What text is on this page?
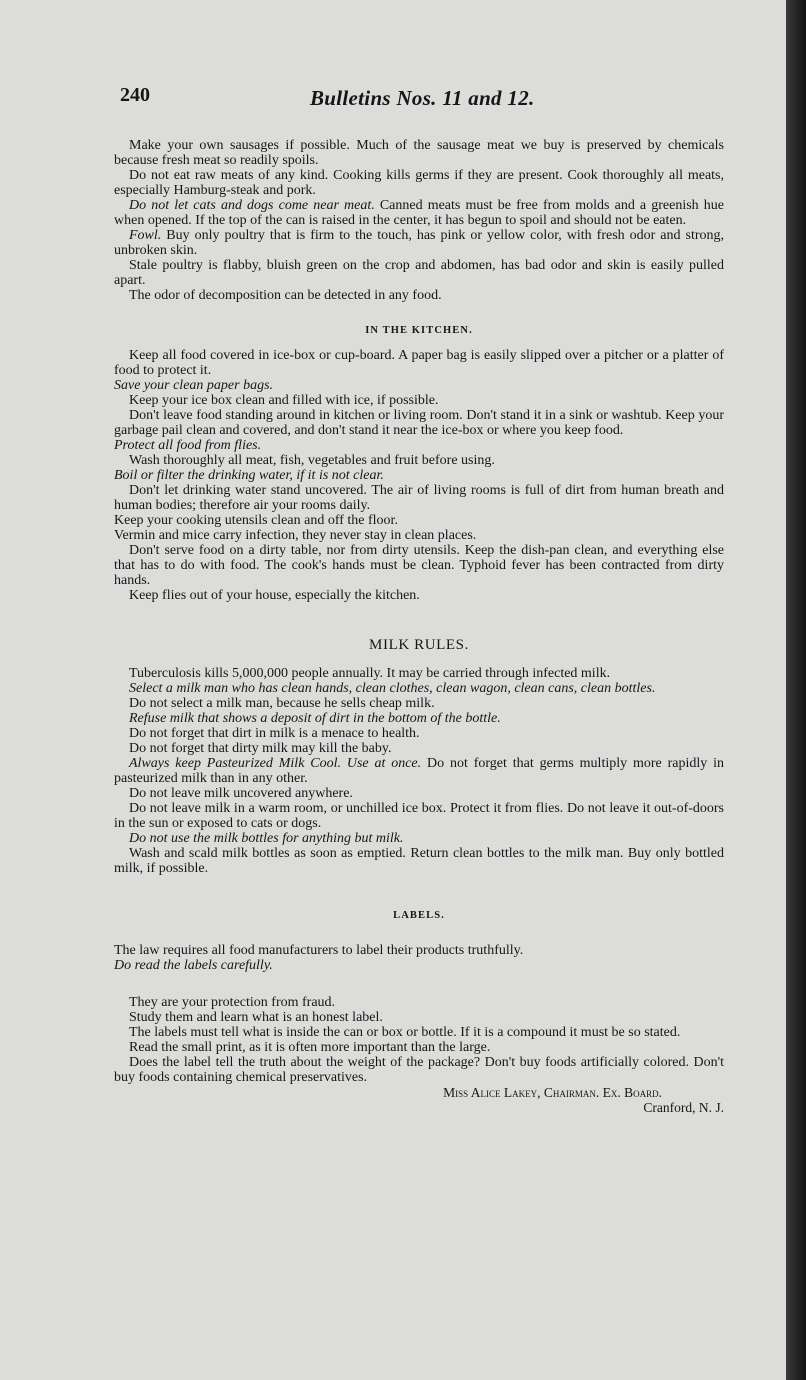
240	Bulletins Nos. 11 and 12.

Make your own sausages if possible. Much of the sausage meat we buy is preserved by chemicals because fresh meat so readily spoils.

Do not eat raw meats of any kind. Cooking kills germs if they are present. Cook thoroughly all meats, especially Hamburg-steak and pork.

Do not let cats and dogs come near meat. Canned meats must be free from molds and a greenish hue when opened. If the top of the can is raised in the center, it has begun to spoil and should not be eaten.

Fowl. Buy only poultry that is firm to the touch, has pink or yellow color, with fresh odor and strong, unbroken skin.

Stale poultry is flabby, bluish green on the crop and abdomen, has bad odor and skin is easily pulled apart.

The odor of decomposition can be detected in any food.

IN THE KITCHEN.

Keep all food covered in ice-box or cup-board. A paper bag is easily slipped over a pitcher or a platter of food to protect it.

Save your clean paper bags.

Keep your ice box clean and filled with ice, if possible.

Don't leave food standing around in kitchen or living room. Don't stand it in a sink or washtub. Keep your garbage pail clean and covered, and don't stand it near the ice-box or where you keep food.

Protect all food from flies.

Wash thoroughly all meat, fish, vegetables and fruit before using.

Boil or filter the drinking water, if it is not clear.

Don't let drinking water stand uncovered. The air of living rooms is full of dirt from human breath and human bodies; therefore air your rooms daily.

Keep your cooking utensils clean and off the floor.

Vermin and mice carry infection, they never stay in clean places.

Don't serve food on a dirty table, nor from dirty utensils. Keep the dish-pan clean, and everything else that has to do with food. The cook's hands must be clean. Typhoid fever has been contracted from dirty hands.

Keep flies out of your house, especially the kitchen.

MILK RULES.

Tuberculosis kills 5,000,000 people annually. It may be carried through infected milk.

Select a milk man who has clean hands, clean clothes, clean wagon, clean cans, clean bottles.

Do not select a milk man, because he sells cheap milk.

Refuse milk that shows a deposit of dirt in the bottom of the bottle.

Do not forget that dirt in milk is a menace to health.

Do not forget that dirty milk may kill the baby.

Always keep Pasteurized Milk Cool. Use at once. Do not forget that germs multiply more rapidly in pasteurized milk than in any other.

Do not leave milk uncovered anywhere.

Do not leave milk in a warm room, or unchilled ice box. Protect it from flies. Do not leave it out-of-doors in the sun or exposed to cats or dogs.

Do not use the milk bottles for anything but milk.

Wash and scald milk bottles as soon as emptied. Return clean bottles to the milk man. Buy only bottled milk, if possible.

LABELS.

The law requires all food manufacturers to label their products truthfully.

Do read the labels carefully.

They are your protection from fraud.

Study them and learn what is an honest label.

The labels must tell what is inside the can or box or bottle. If it is a compound it must be so stated.

Read the small print, as it is often more important than the large.

Does the label tell the truth about the weight of the package? Don't buy foods artificially colored. Don't buy foods containing chemical preservatives.

Miss Alice Lakey, Chairman. Ex. Board.

Cranford, N. J.
